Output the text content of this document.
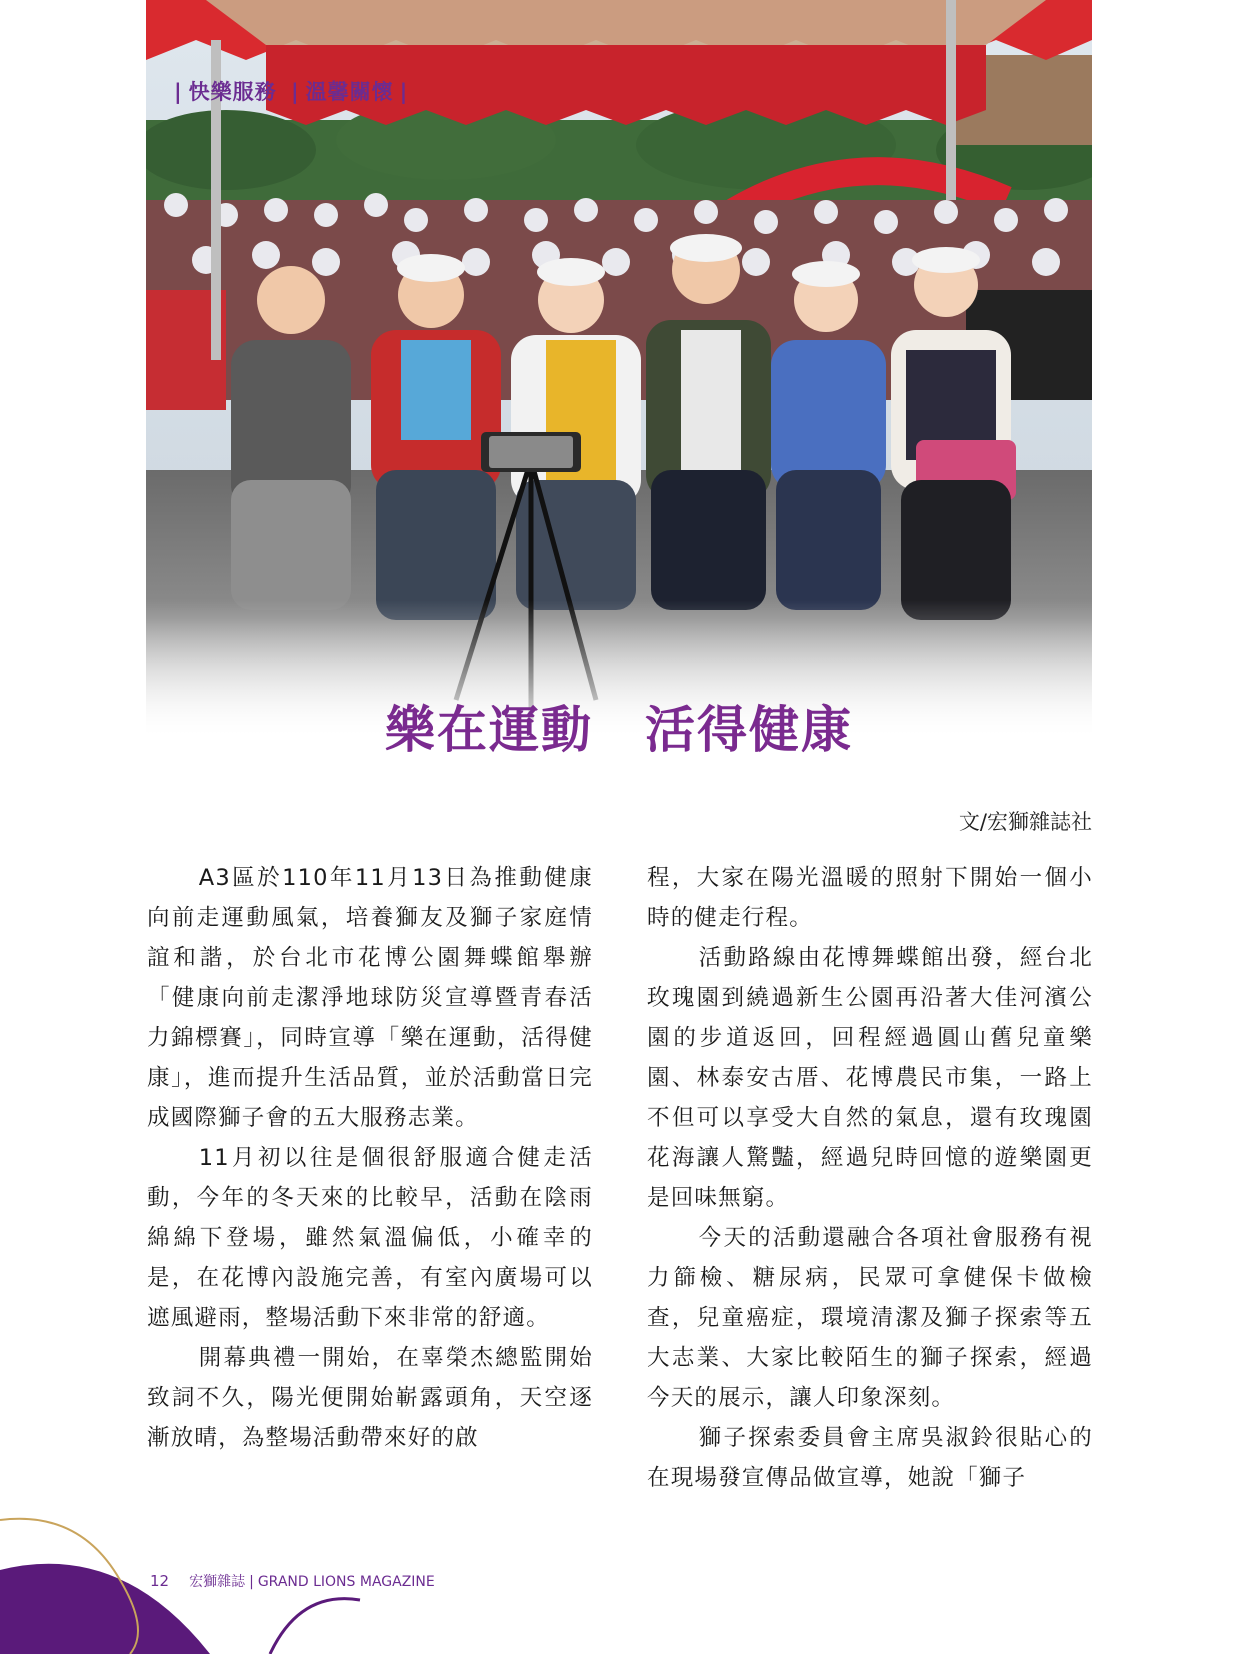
| 快樂服務 | 溫馨關懷 |
樂在運動　活得健康
文/宏獅雜誌社

A3區於110年11月13日為推動健康向前走運動風氣，培養獅友及獅子家庭情誼和諧，於台北市花博公園舞蝶館舉辦「健康向前走潔淨地球防災宣導暨青春活力錦標賽」，同時宣導「樂在運動，活得健康」，進而提升生活品質，並於活動當日完成國際獅子會的五大服務志業。

11月初以往是個很舒服適合健走活動，今年的冬天來的比較早，活動在陰雨綿綿下登場，雖然氣溫偏低，小確幸的是，在花博內設施完善，有室內廣場可以遮風避雨，整場活動下來非常的舒適。

開幕典禮一開始，在辜榮杰總監開始致詞不久，陽光便開始嶄露頭角，天空逐漸放晴，為整場活動帶來好的啟

程，大家在陽光溫暖的照射下開始一個小時的健走行程。

活動路線由花博舞蝶館出發，經台北玫瑰園到繞過新生公園再沿著大佳河濱公園的步道返回，回程經過圓山舊兒童樂園、林泰安古厝、花博農民市集，一路上不但可以享受大自然的氣息，還有玫瑰園花海讓人驚豔，經過兒時回憶的遊樂園更是回味無窮。

今天的活動還融合各項社會服務有視力篩檢、糖尿病，民眾可拿健保卡做檢查，兒童癌症，環境清潔及獅子探索等五大志業、大家比較陌生的獅子探索，經過今天的展示，讓人印象深刻。

獅子探索委員會主席吳淑鈴很貼心的在現場發宣傳品做宣導，她說「獅子

12 宏獅雜誌 | GRAND LIONS MAGAZINE
